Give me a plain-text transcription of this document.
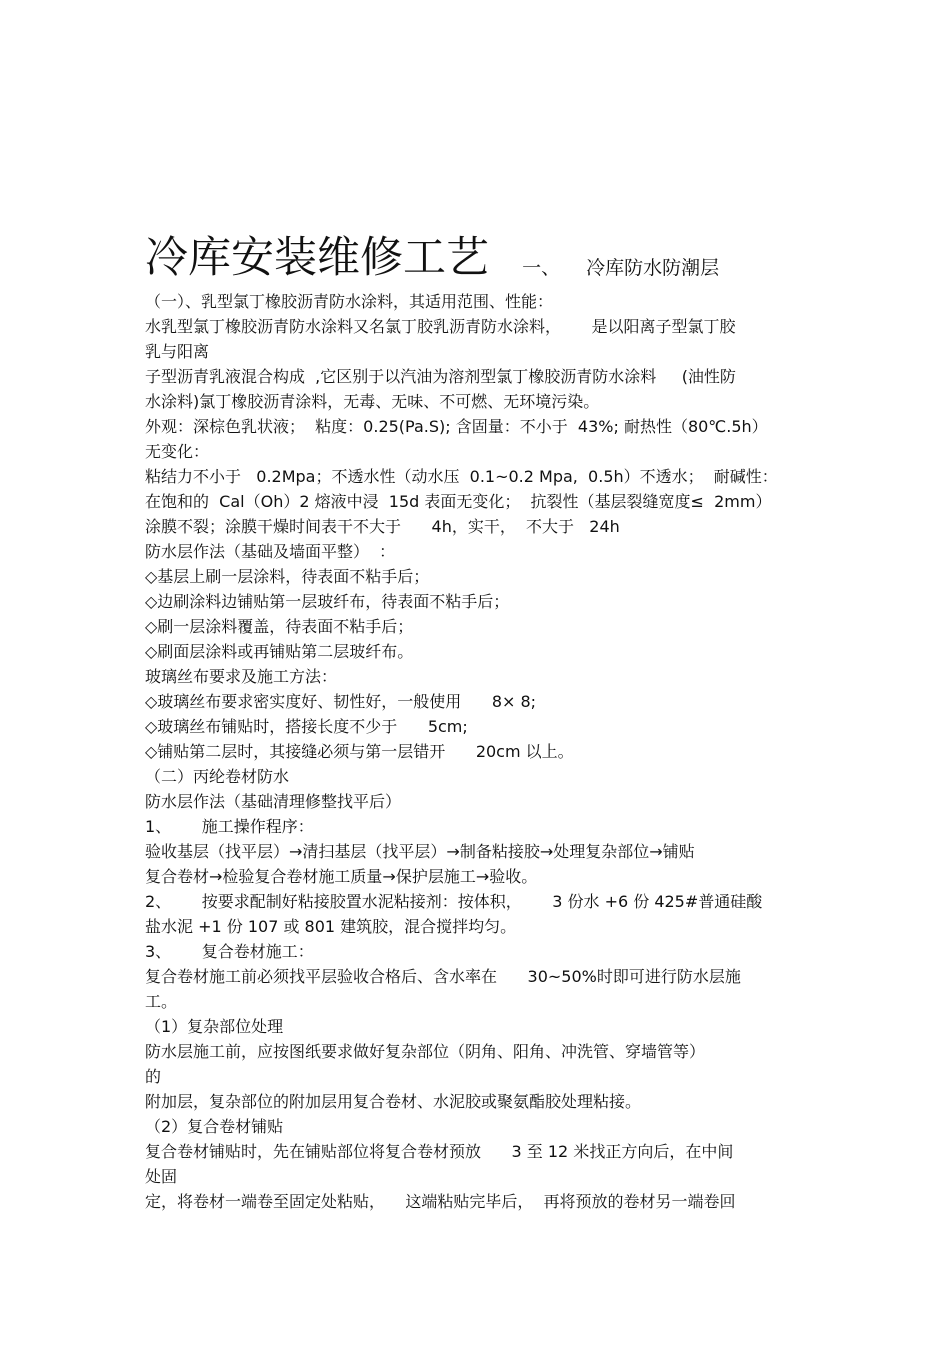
冷库安装维修工艺 一、 冷库防水防潮层
（一）、乳型氯丁橡胶沥青防水涂料，其适用范围、性能：
水乳型氯丁橡胶沥青防水涂料又名氯丁胶乳沥青防水涂料，      是以阳离子型氯丁胶
乳与阳离
子型沥青乳液混合构成  ,它区别于以汽油为溶剂型氯丁橡胶沥青防水涂料     (油性防
水涂料)氯丁橡胶沥青涂料，无毒、无味、不可燃、无环境污染。
外观：深棕色乳状液；  粘度：0.25(Pa.S); 含固量：不小于  43%; 耐热性（80℃.5h）
无变化：
粘结力不小于   0.2Mpa；不透水性（动水压  0.1~0.2 Mpa,  0.5h）不透水；  耐碱性：
在饱和的  Cal（Oh）2 熔液中浸  15d 表面无变化；  抗裂性（基层裂缝宽度≤  2mm）
涂膜不裂；涂膜干燥时间表干不大于      4h，实干，  不大于   24h
防水层作法（基础及墙面平整）  ：
◇基层上刷一层涂料，待表面不粘手后；
◇边刷涂料边铺贴第一层玻纤布，待表面不粘手后；
◇刷一层涂料覆盖，待表面不粘手后；
◇刷面层涂料或再铺贴第二层玻纤布。
玻璃丝布要求及施工方法：
◇玻璃丝布要求密实度好、韧性好，一般使用      8× 8;
◇玻璃丝布铺贴时，搭接长度不少于      5cm;
◇铺贴第二层时，其接缝必须与第一层错开      20cm 以上。
（二）丙纶卷材防水
防水层作法（基础清理修整找平后）
1、      施工操作程序：
验收基层（找平层）→清扫基层（找平层）→制备粘接胶→处理复杂部位→铺贴
复合卷材→检验复合卷材施工质量→保护层施工→验收。
2、      按要求配制好粘接胶置水泥粘接剂：按体积，      3 份水 +6 份 425#普通硅酸
盐水泥 +1 份 107 或 801 建筑胶，混合搅拌均匀。
3、      复合卷材施工：
复合卷材施工前必须找平层验收合格后、含水率在      30~50%时即可进行防水层施
工。
（1）复杂部位处理
防水层施工前，应按图纸要求做好复杂部位（阴角、阳角、冲洗管、穿墙管等）
的
附加层，复杂部位的附加层用复合卷材、水泥胶或聚氨酯胶处理粘接。
（2）复合卷材铺贴
复合卷材铺贴时，先在铺贴部位将复合卷材预放      3 至 12 米找正方向后，在中间
处固
定，将卷材一端卷至固定处粘贴，    这端粘贴完毕后，  再将预放的卷材另一端卷回
